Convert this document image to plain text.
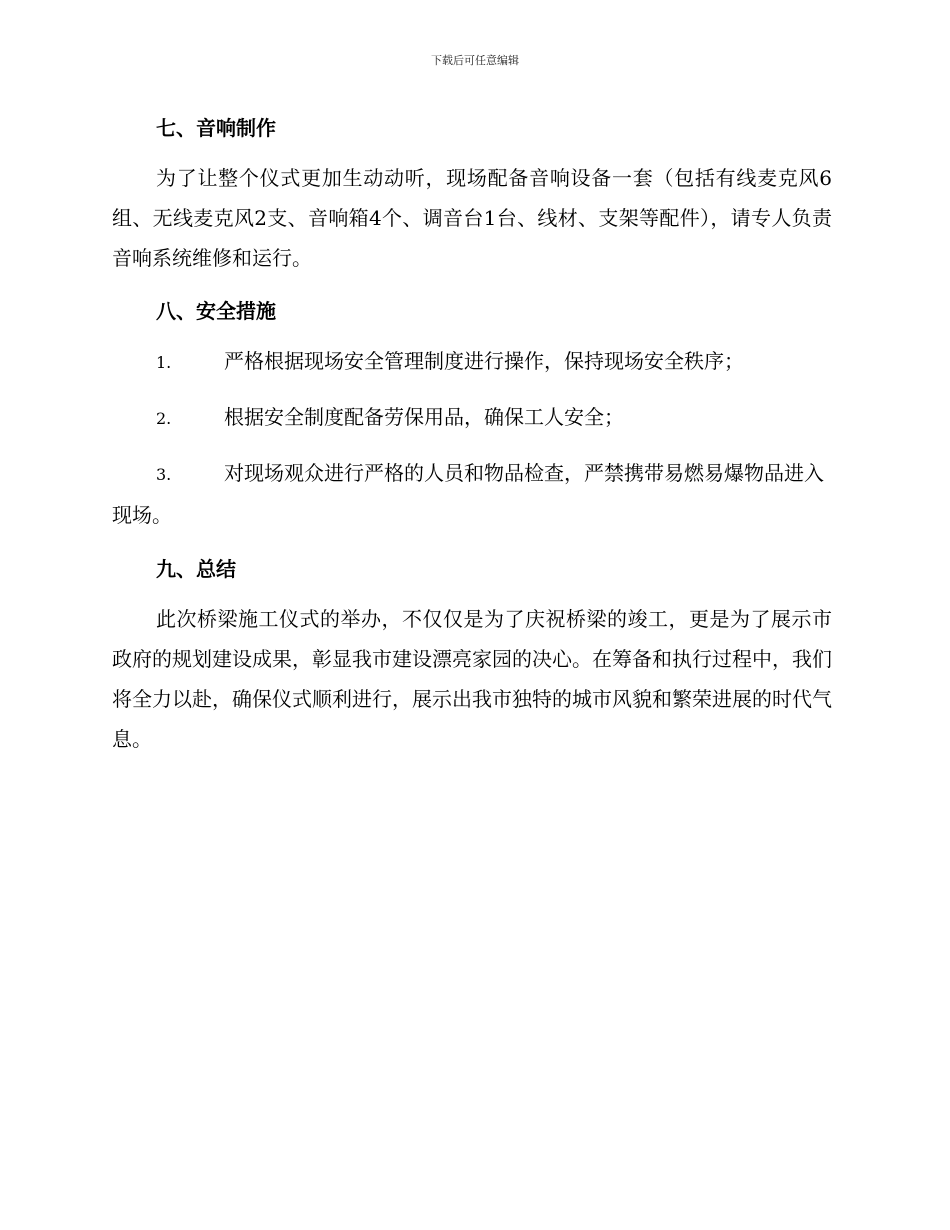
下载后可任意编辑
七、音响制作

为了让整个仪式更加生动动听，现场配备音响设备一套（包括有线麦克风6组、无线麦克风2支、音响箱4个、调音台1台、线材、支架等配件），请专人负责音响系统维修和运行。

八、安全措施
1.	严格根据现场安全管理制度进行操作，保持现场安全秩序；
2.	根据安全制度配备劳保用品，确保工人安全；
3.	对现场观众进行严格的人员和物品检查，严禁携带易燃易爆物品进入现场。
九、总结

此次桥梁施工仪式的举办，不仅仅是为了庆祝桥梁的竣工，更是为了展示市政府的规划建设成果，彰显我市建设漂亮家园的决心。在筹备和执行过程中，我们将全力以赴，确保仪式顺利进行，展示出我市独特的城市风貌和繁荣进展的时代气息。
